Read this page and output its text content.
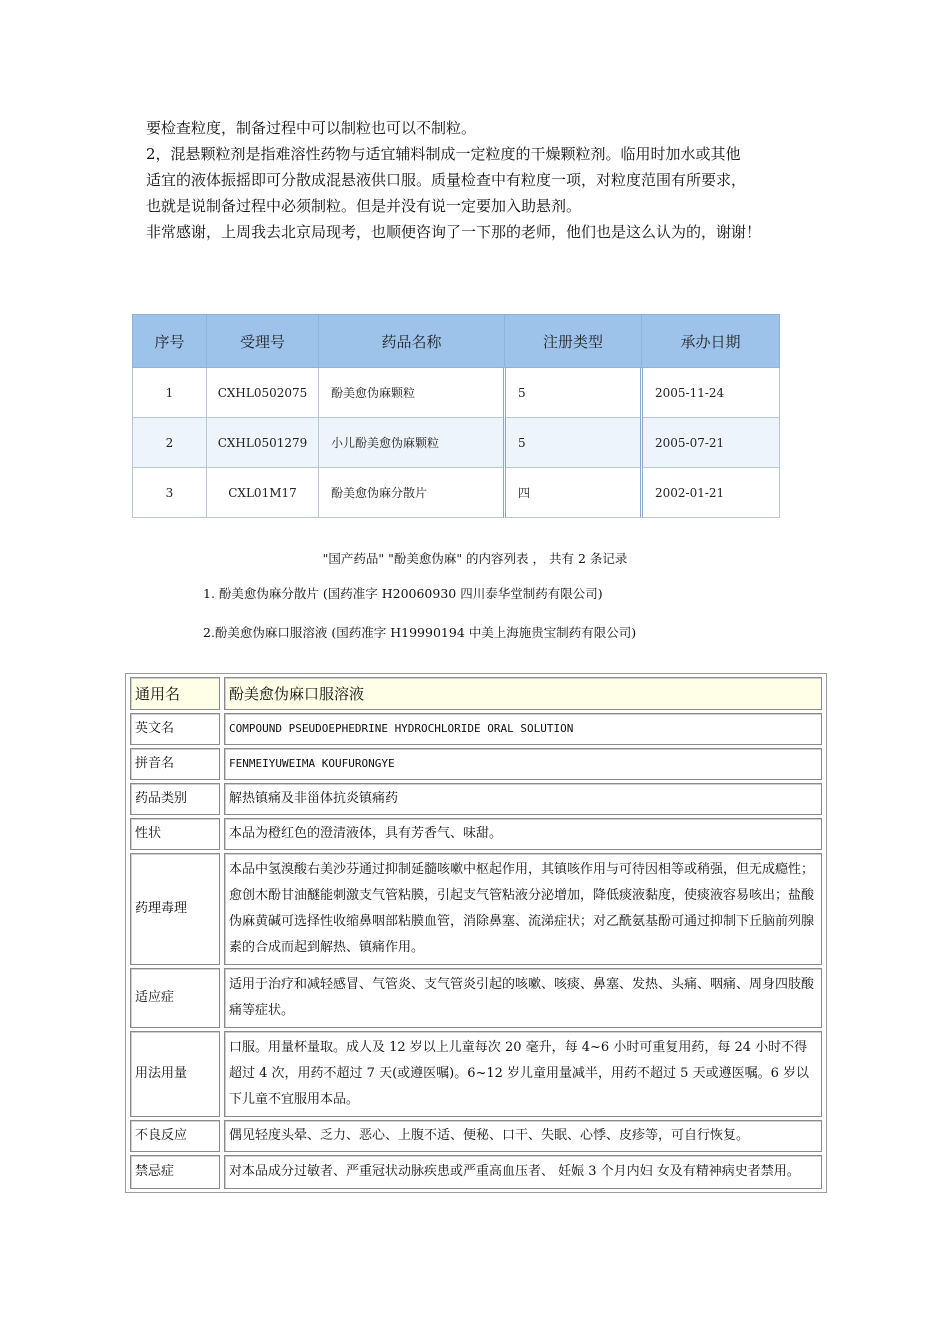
要检查粒度，制备过程中可以制粒也可以不制粒。

2，混悬颗粒剂是指难溶性药物与适宜辅料制成一定粒度的干燥颗粒剂。临用时加水或其他

适宜的液体振摇即可分散成混悬液供口服。质量检查中有粒度一项，对粒度范围有所要求，

也就是说制备过程中必须制粒。但是并没有说一定要加入助悬剂。

非常感谢，上周我去北京局现考，也顺便咨询了一下那的老师，他们也是这么认为的，谢谢！

序号	受理号	药品名称	注册类型	承办日期
1	CXHL0502075	酚美愈伪麻颗粒	5	2005-11-24
2	CXHL0501279	小儿酚美愈伪麻颗粒	5	2005-07-21
3	CXL01M17	酚美愈伪麻分散片	四	2002-01-21
"国产药品" "酚美愈伪麻" 的内容列表 ， 共有 2 条记录
1. 酚美愈伪麻分散片 (国药准字 H20060930 四川泰华堂制药有限公司)
2.酚美愈伪麻口服溶液 (国药准字 H19990194 中美上海施贵宝制药有限公司)
通用名	酚美愈伪麻口服溶液
英文名	COMPOUND PSEUDOEPHEDRINE HYDROCHLORIDE ORAL SOLUTION
拼音名	FENMEIYUWEIMA KOUFURONGYE
药品类别	解热镇痛及非甾体抗炎镇痛药
性状	本品为橙红色的澄清液体，具有芳香气、味甜。
药理毒理	本品中氢溴酸右美沙芬通过抑制延髓咳嗽中枢起作用，其镇咳作用与可待因相等或稍强，但无成瘾性；愈创木酚甘油醚能刺激支气管粘膜，引起支气管粘液分泌增加，降低痰液黏度，使痰液容易咳出；盐酸伪麻黄碱可选择性收缩鼻咽部粘膜血管，消除鼻塞、流涕症状；对乙酰氨基酚可通过抑制下丘脑前列腺素的合成而起到解热、镇痛作用。
适应症	适用于治疗和减轻感冒、气管炎、支气管炎引起的咳嗽、咳痰、鼻塞、发热、头痛、咽痛、周身四肢酸痛等症状。
用法用量	口服。用量杯量取。成人及 12 岁以上儿童每次 20 毫升，每 4~6 小时可重复用药，每 24 小时不得超过 4 次，用药不超过 7 天(或遵医嘱)。6~12 岁儿童用量减半，用药不超过 5 天或遵医嘱。6 岁以下儿童不宜服用本品。
不良反应	偶见轻度头晕、乏力、恶心、上腹不适、便秘、口干、失眠、心悸、皮疹等，可自行恢复。
禁忌症	对本品成分过敏者、严重冠状动脉疾患或严重高血压者、 妊娠 3 个月内妇 女及有精神病史者禁用。
